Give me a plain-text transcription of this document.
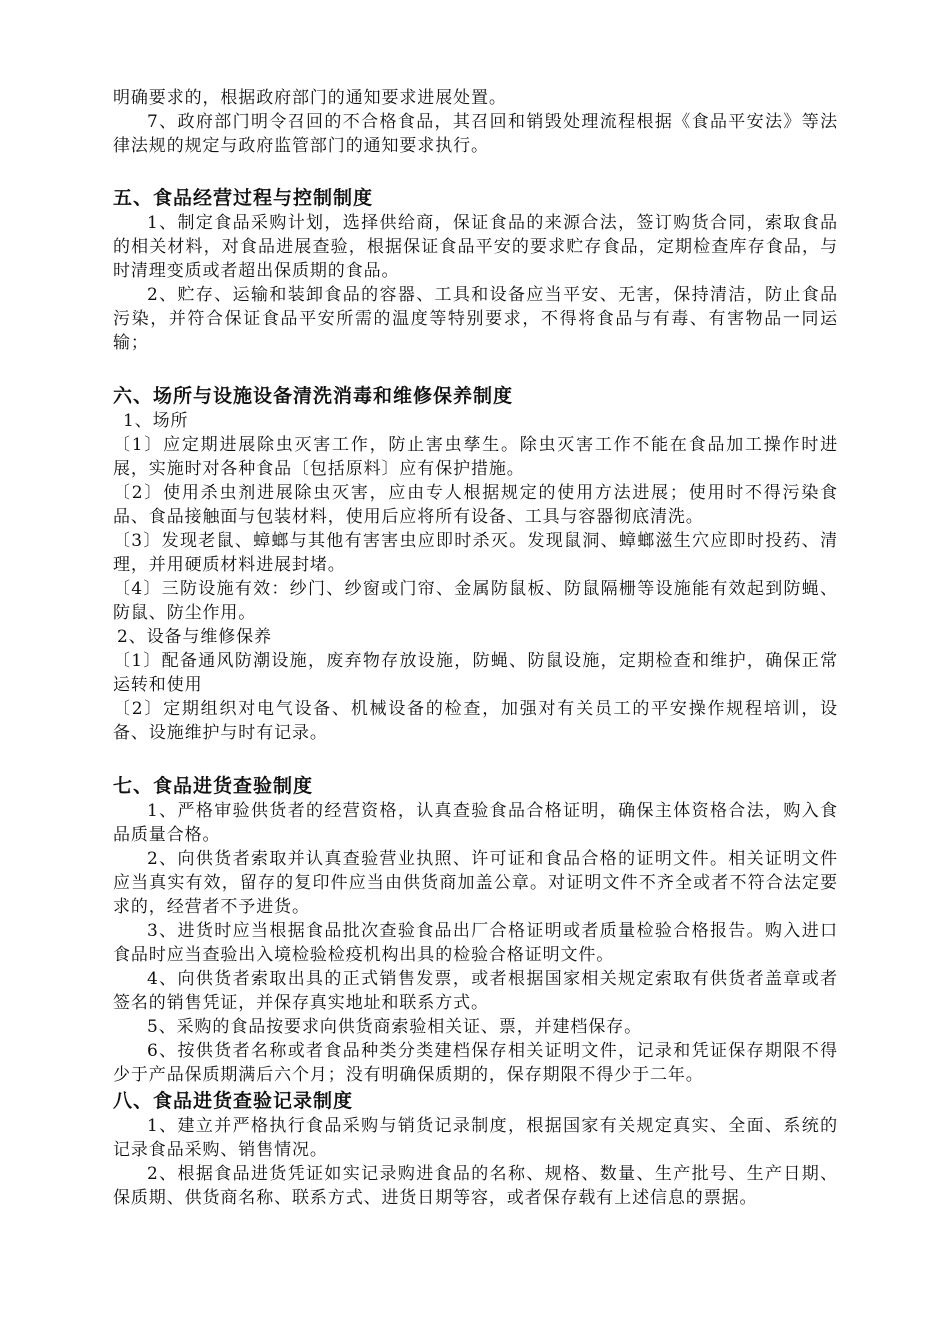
明确要求的，根据政府部门的通知要求进展处置。

7、政府部门明令召回的不合格食品，其召回和销毁处理流程根据《食品平安法》等法律法规的规定与政府监管部门的通知要求执行。

五、食品经营过程与控制制度

1、制定食品采购计划，选择供给商，保证食品的来源合法，签订购货合同，索取食品的相关材料，对食品进展查验，根据保证食品平安的要求贮存食品，定期检查库存食品，与时清理变质或者超出保质期的食品。

2、贮存、运输和装卸食品的容器、工具和设备应当平安、无害，保持清洁，防止食品污染，并符合保证食品平安所需的温度等特别要求，不得将食品与有毒、有害物品一同运输；

六、场所与设施设备清洗消毒和维修保养制度

1、场所

〔1〕应定期进展除虫灭害工作，防止害虫孳生。除虫灭害工作不能在食品加工操作时进展，实施时对各种食品〔包括原料〕应有保护措施。

〔2〕使用杀虫剂进展除虫灭害，应由专人根据规定的使用方法进展；使用时不得污染食品、食品接触面与包装材料，使用后应将所有设备、工具与容器彻底清洗。

〔3〕发现老鼠、蟑螂与其他有害害虫应即时杀灭。发现鼠洞、蟑螂滋生穴应即时投药、清理，并用硬质材料进展封堵。

〔4〕三防设施有效：纱门、纱窗或门帘、金属防鼠板、防鼠隔栅等设施能有效起到防蝇、防鼠、防尘作用。

2、设备与维修保养

〔1〕配备通风防潮设施，废弃物存放设施，防蝇、防鼠设施，定期检查和维护，确保正常运转和使用

〔2〕定期组织对电气设备、机械设备的检查，加强对有关员工的平安操作规程培训，设备、设施维护与时有记录。

七、食品进货查验制度

1、严格审验供货者的经营资格，认真查验食品合格证明，确保主体资格合法，购入食品质量合格。

2、向供货者索取并认真查验营业执照、许可证和食品合格的证明文件。相关证明文件应当真实有效，留存的复印件应当由供货商加盖公章。对证明文件不齐全或者不符合法定要求的，经营者不予进货。

3、进货时应当根据食品批次查验食品出厂合格证明或者质量检验合格报告。购入进口食品时应当查验出入境检验检疫机构出具的检验合格证明文件。

4、向供货者索取出具的正式销售发票，或者根据国家相关规定索取有供货者盖章或者签名的销售凭证，并保存真实地址和联系方式。

5、采购的食品按要求向供货商索验相关证、票，并建档保存。

6、按供货者名称或者食品种类分类建档保存相关证明文件，记录和凭证保存期限不得少于产品保质期满后六个月；没有明确保质期的，保存期限不得少于二年。

八、食品进货查验记录制度

1、建立并严格执行食品采购与销货记录制度，根据国家有关规定真实、全面、系统的记录食品采购、销售情况。

2、根据食品进货凭证如实记录购进食品的名称、规格、数量、生产批号、生产日期、保质期、供货商名称、联系方式、进货日期等容，或者保存载有上述信息的票据。
